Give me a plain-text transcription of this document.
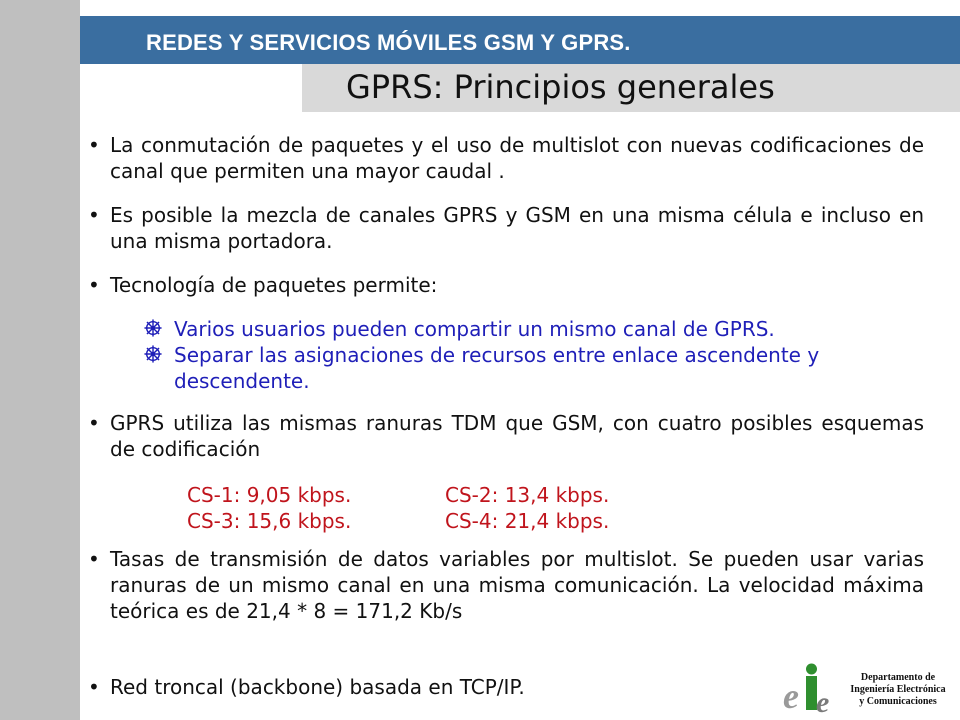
REDES Y SERVICIOS MÓVILES GSM Y GPRS.
GPRS: Principios generales
• La conmutación de paquetes y el uso de multislot con nuevas codificaciones de canal que permiten una mayor caudal .
• Es posible la mezcla de canales GPRS y GSM en una misma célula e incluso en una misma portadora.
• Tecnología de paquetes permite:
Varios usuarios pueden compartir un mismo canal de GPRS.
Separar las asignaciones de recursos entre enlace ascendente y descendente.
• GPRS utiliza las mismas ranuras TDM que GSM, con cuatro posibles esquemas de codificación
CS-1: 9,05 kbps.	CS-2: 13,4 kbps.
CS-3: 15,6 kbps.	CS-4: 21,4 kbps.
• Tasas de transmisión de datos variables por multislot. Se pueden usar varias ranuras de un mismo canal en una misma comunicación. La velocidad máxima teórica es de 21,4 * 8 = 171,2 Kb/s
• Red troncal (backbone) basada en TCP/IP.	e e
Departamento de
Ingeniería Electrónica
y Comunicaciones
